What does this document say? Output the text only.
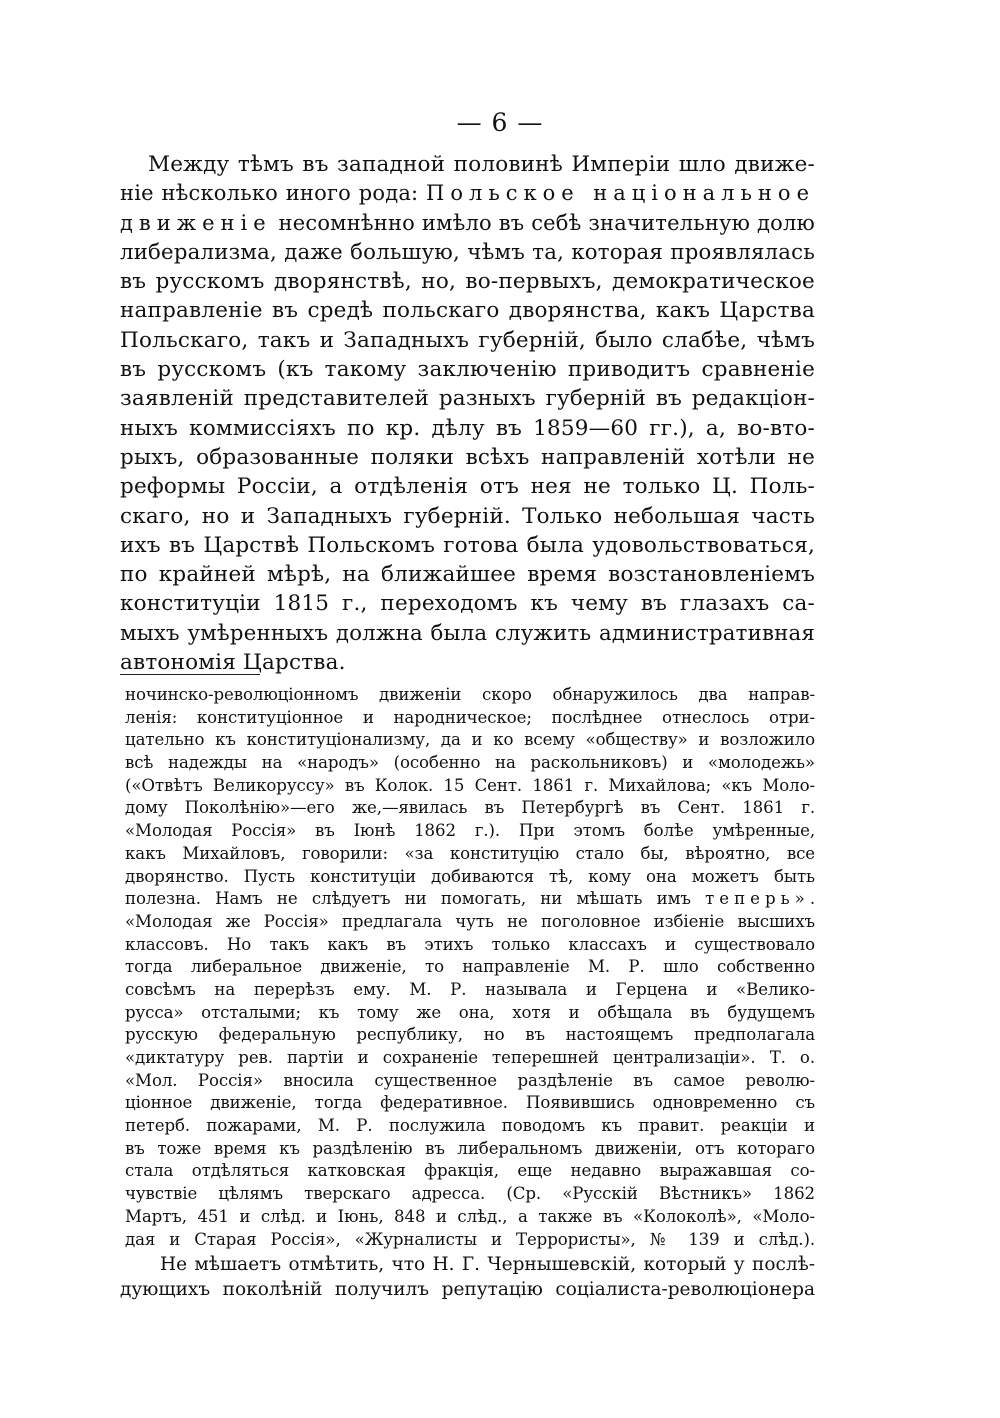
— 6 —
Между тѣмъ въ западной половинѣ Имперіи шло движе-
ніе нѣсколько иного рода: Польское національное
движеніе несомнѣнно имѣло въ себѣ значительную долю
либерализма, даже большую, чѣмъ та, которая проявлялась
въ русскомъ дворянствѣ, но, во-первыхъ, демократическое
направленіе въ средѣ польскаго дворянства, какъ Царства
Польскаго, такъ и Западныхъ губерній, было слабѣе, чѣмъ
въ русскомъ (къ такому заключенію приводитъ сравненіе
заявленій представителей разныхъ губерній въ редакціон-
ныхъ коммиссіяхъ по кр. дѣлу въ 1859—60 гг.), а, во-вто-
рыхъ, образованные поляки всѣхъ направленій хотѣли не
реформы Россіи, а отдѣленія отъ нея не только Ц. Поль-
скаго, но и Западныхъ губерній. Только небольшая часть
ихъ въ Царствѣ Польскомъ готова была удовольствоваться,
по крайней мѣрѣ, на ближайшее время возстановленіемъ
конституціи 1815 г., переходомъ къ чему въ глазахъ са-
мыхъ умѣренныхъ должна была служить административная
автономія Царства.
ночинско-революціонномъ движеніи скоро обнаружилось два направ-
ленія: конституціонное и народническое; послѣднее отнеслось отри-
цательно къ конституціонализму, да и ко всему «обществу» и возложило
всѣ надежды на «народъ» (особенно на раскольниковъ) и «молодежь»
(«Отвѣтъ Великоруссу» въ Колок. 15 Сент. 1861 г. Михайлова; «къ Моло-
дому Поколѣнію»—его же,—явилась въ Петербургѣ въ Сент. 1861 г.
«Молодая Россія» въ Іюнѣ 1862 г.). При этомъ болѣе умѣренные,
какъ Михайловъ, говорили: «за конституцію стало бы, вѣроятно, все
дворянство. Пусть конституціи добиваются тѣ, кому она можетъ быть
полезна. Намъ не слѣдуетъ ни помогать, ни мѣшать имъ теперь».
«Молодая же Россія» предлагала чуть не поголовное избіеніе высшихъ
классовъ. Но такъ какъ въ этихъ только классахъ и существовало
тогда либеральное движеніе, то направленіе М. Р. шло собственно
совсѣмъ на перерѣзъ ему. М. Р. называла и Герцена и «Велико-
русса» отсталыми; къ тому же она, хотя и обѣщала въ будущемъ
русскую федеральную республику, но въ настоящемъ предполагала
«диктатуру рев. партіи и сохраненіе теперешней централизаціи». Т. о.
«Мол. Россія» вносила существенное раздѣленіе въ самое револю-
ціонное движеніе, тогда федеративное. Появившись одновременно съ
петерб. пожарами, М. Р. послужила поводомъ къ правит. реакціи и
въ тоже время къ раздѣленію въ либеральномъ движеніи, отъ котораго
стала отдѣляться катковская фракція, еще недавно выражавшая со-
чувствіе цѣлямъ тверскаго адресса. (Ср. «Русскій Вѣстникъ» 1862
Мартъ, 451 и слѣд. и Іюнь, 848 и слѣд., а также въ «Колоколѣ», «Моло-
дая и Старая Россія», «Журналисты и Террористы», № 139 и слѣд.).
Не мѣшаетъ отмѣтить, что Н. Г. Чернышевскій, который у послѣ-
дующихъ поколѣній получилъ репутацію соціалиста-революціонера
